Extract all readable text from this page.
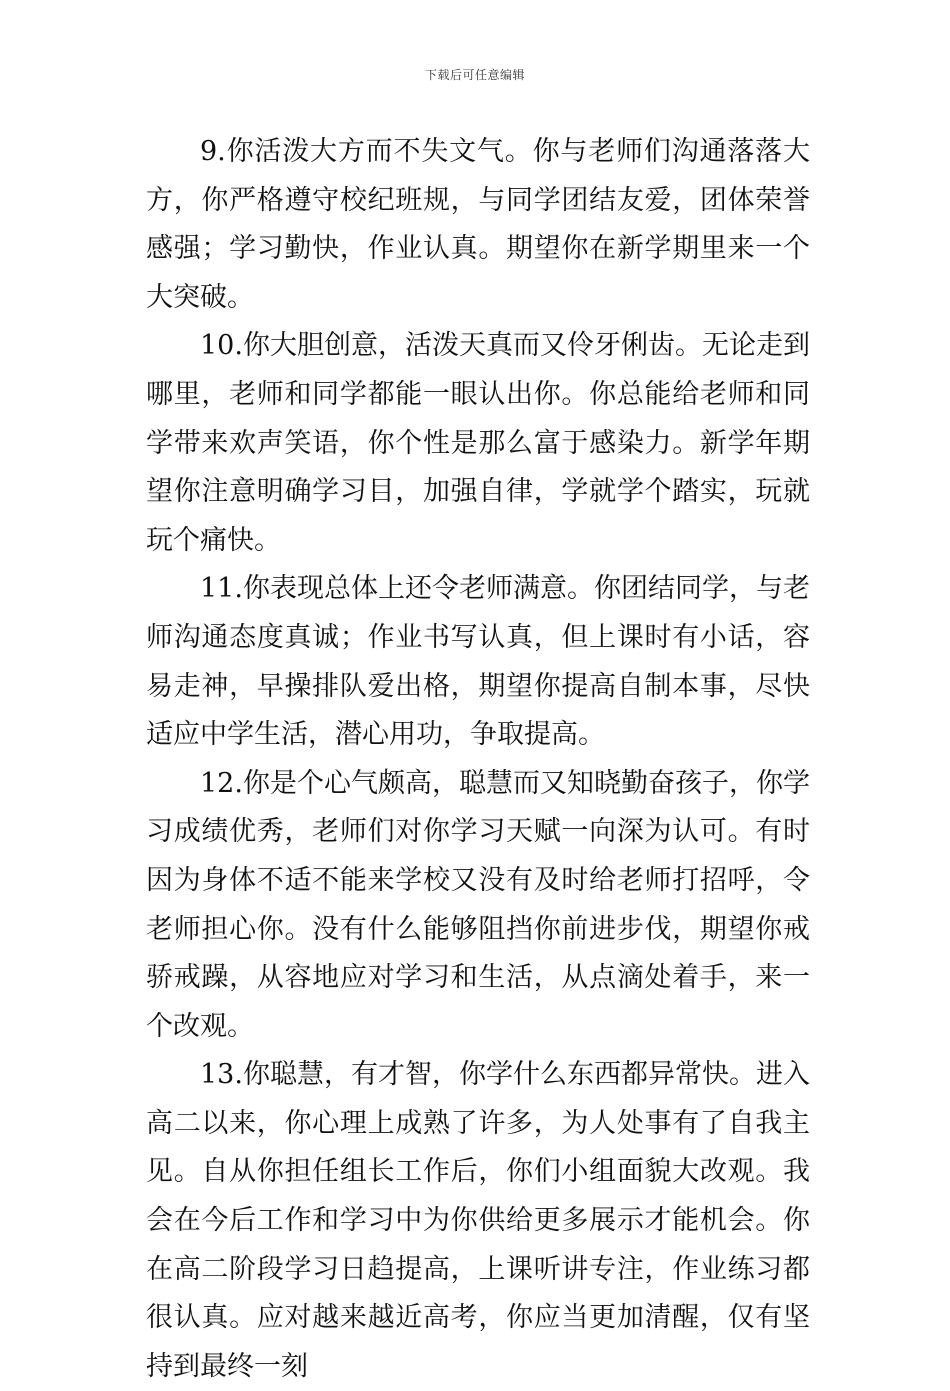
下载后可任意编辑

9.你活泼大方而不失文气。你与老师们沟通落落大方，你严格遵守校纪班规，与同学团结友爱，团体荣誉感强；学习勤快，作业认真。期望你在新学期里来一个大突破。

10.你大胆创意，活泼天真而又伶牙俐齿。无论走到哪里，老师和同学都能一眼认出你。你总能给老师和同学带来欢声笑语，你个性是那么富于感染力。新学年期望你注意明确学习目，加强自律，学就学个踏实，玩就玩个痛快。

11.你表现总体上还令老师满意。你团结同学，与老师沟通态度真诚；作业书写认真，但上课时有小话，容易走神，早操排队爱出格，期望你提高自制本事，尽快适应中学生活，潜心用功，争取提高。

12.你是个心气颇高，聪慧而又知晓勤奋孩子，你学习成绩优秀，老师们对你学习天赋一向深为认可。有时因为身体不适不能来学校又没有及时给老师打招呼，令老师担心你。没有什么能够阻挡你前进步伐，期望你戒骄戒躁，从容地应对学习和生活，从点滴处着手，来一个改观。

13.你聪慧，有才智，你学什么东西都异常快。进入高二以来，你心理上成熟了许多，为人处事有了自我主见。自从你担任组长工作后，你们小组面貌大改观。我会在今后工作和学习中为你供给更多展示才能机会。你在高二阶段学习日趋提高，上课听讲专注，作业练习都很认真。应对越来越近高考，你应当更加清醒，仅有坚持到最终一刻
